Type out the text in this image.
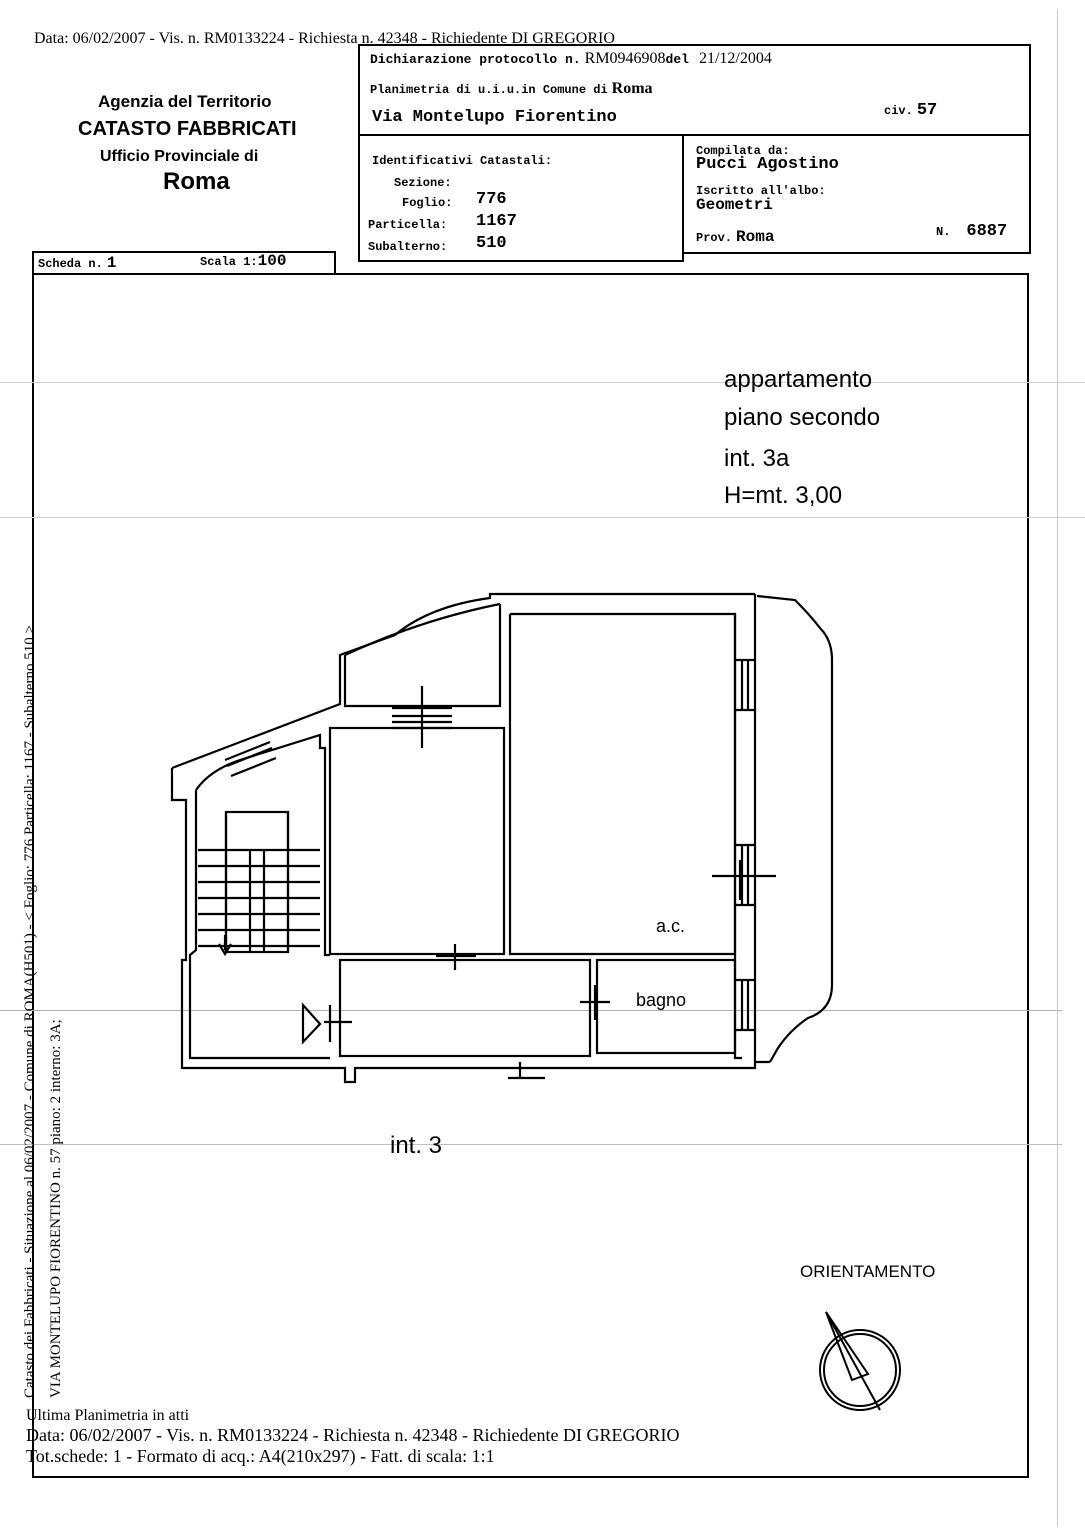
Data: 06/02/2007 - Vis. n. RM0133224 - Richiesta n. 42348 - Richiedente DI GREGORIO
Agenzia del Territorio
CATASTO FABBRICATI
Ufficio Provinciale di
Roma
Dichiarazione protocollo n. RM0946908del 21/12/2004
Planimetria di u.i.u.in Comune di Roma
Via Montelupo Fiorentino	civ. 57
Identificativi Catastali:
Sezione:
Foglio: 776
Particella: 1167
Subalterno: 510
Compilata da:
Pucci Agostino
Iscritto all'albo:
Geometri
Prov. Roma	N. 6887
Scheda n. 1	Scala 1:100
appartamento
piano secondo
int. 3a
H=mt. 3,00
a.c.
bagno
int. 3
ORIENTAMENTO
Catasto dei Fabbricati - Situazione al 06/02/2007 - Comune di ROMA(H501) - < Foglio: 776 Particella: 1167 - Subalterno 510 > VIA MONTELUPO FIORENTINO n. 57 piano: 2 interno: 3A;
Ultima Planimetria in atti
Data: 06/02/2007 - Vis. n. RM0133224 - Richiesta n. 42348 - Richiedente DI GREGORIO
Tot.schede: 1 - Formato di acq.: A4(210x297) - Fatt. di scala: 1:1
